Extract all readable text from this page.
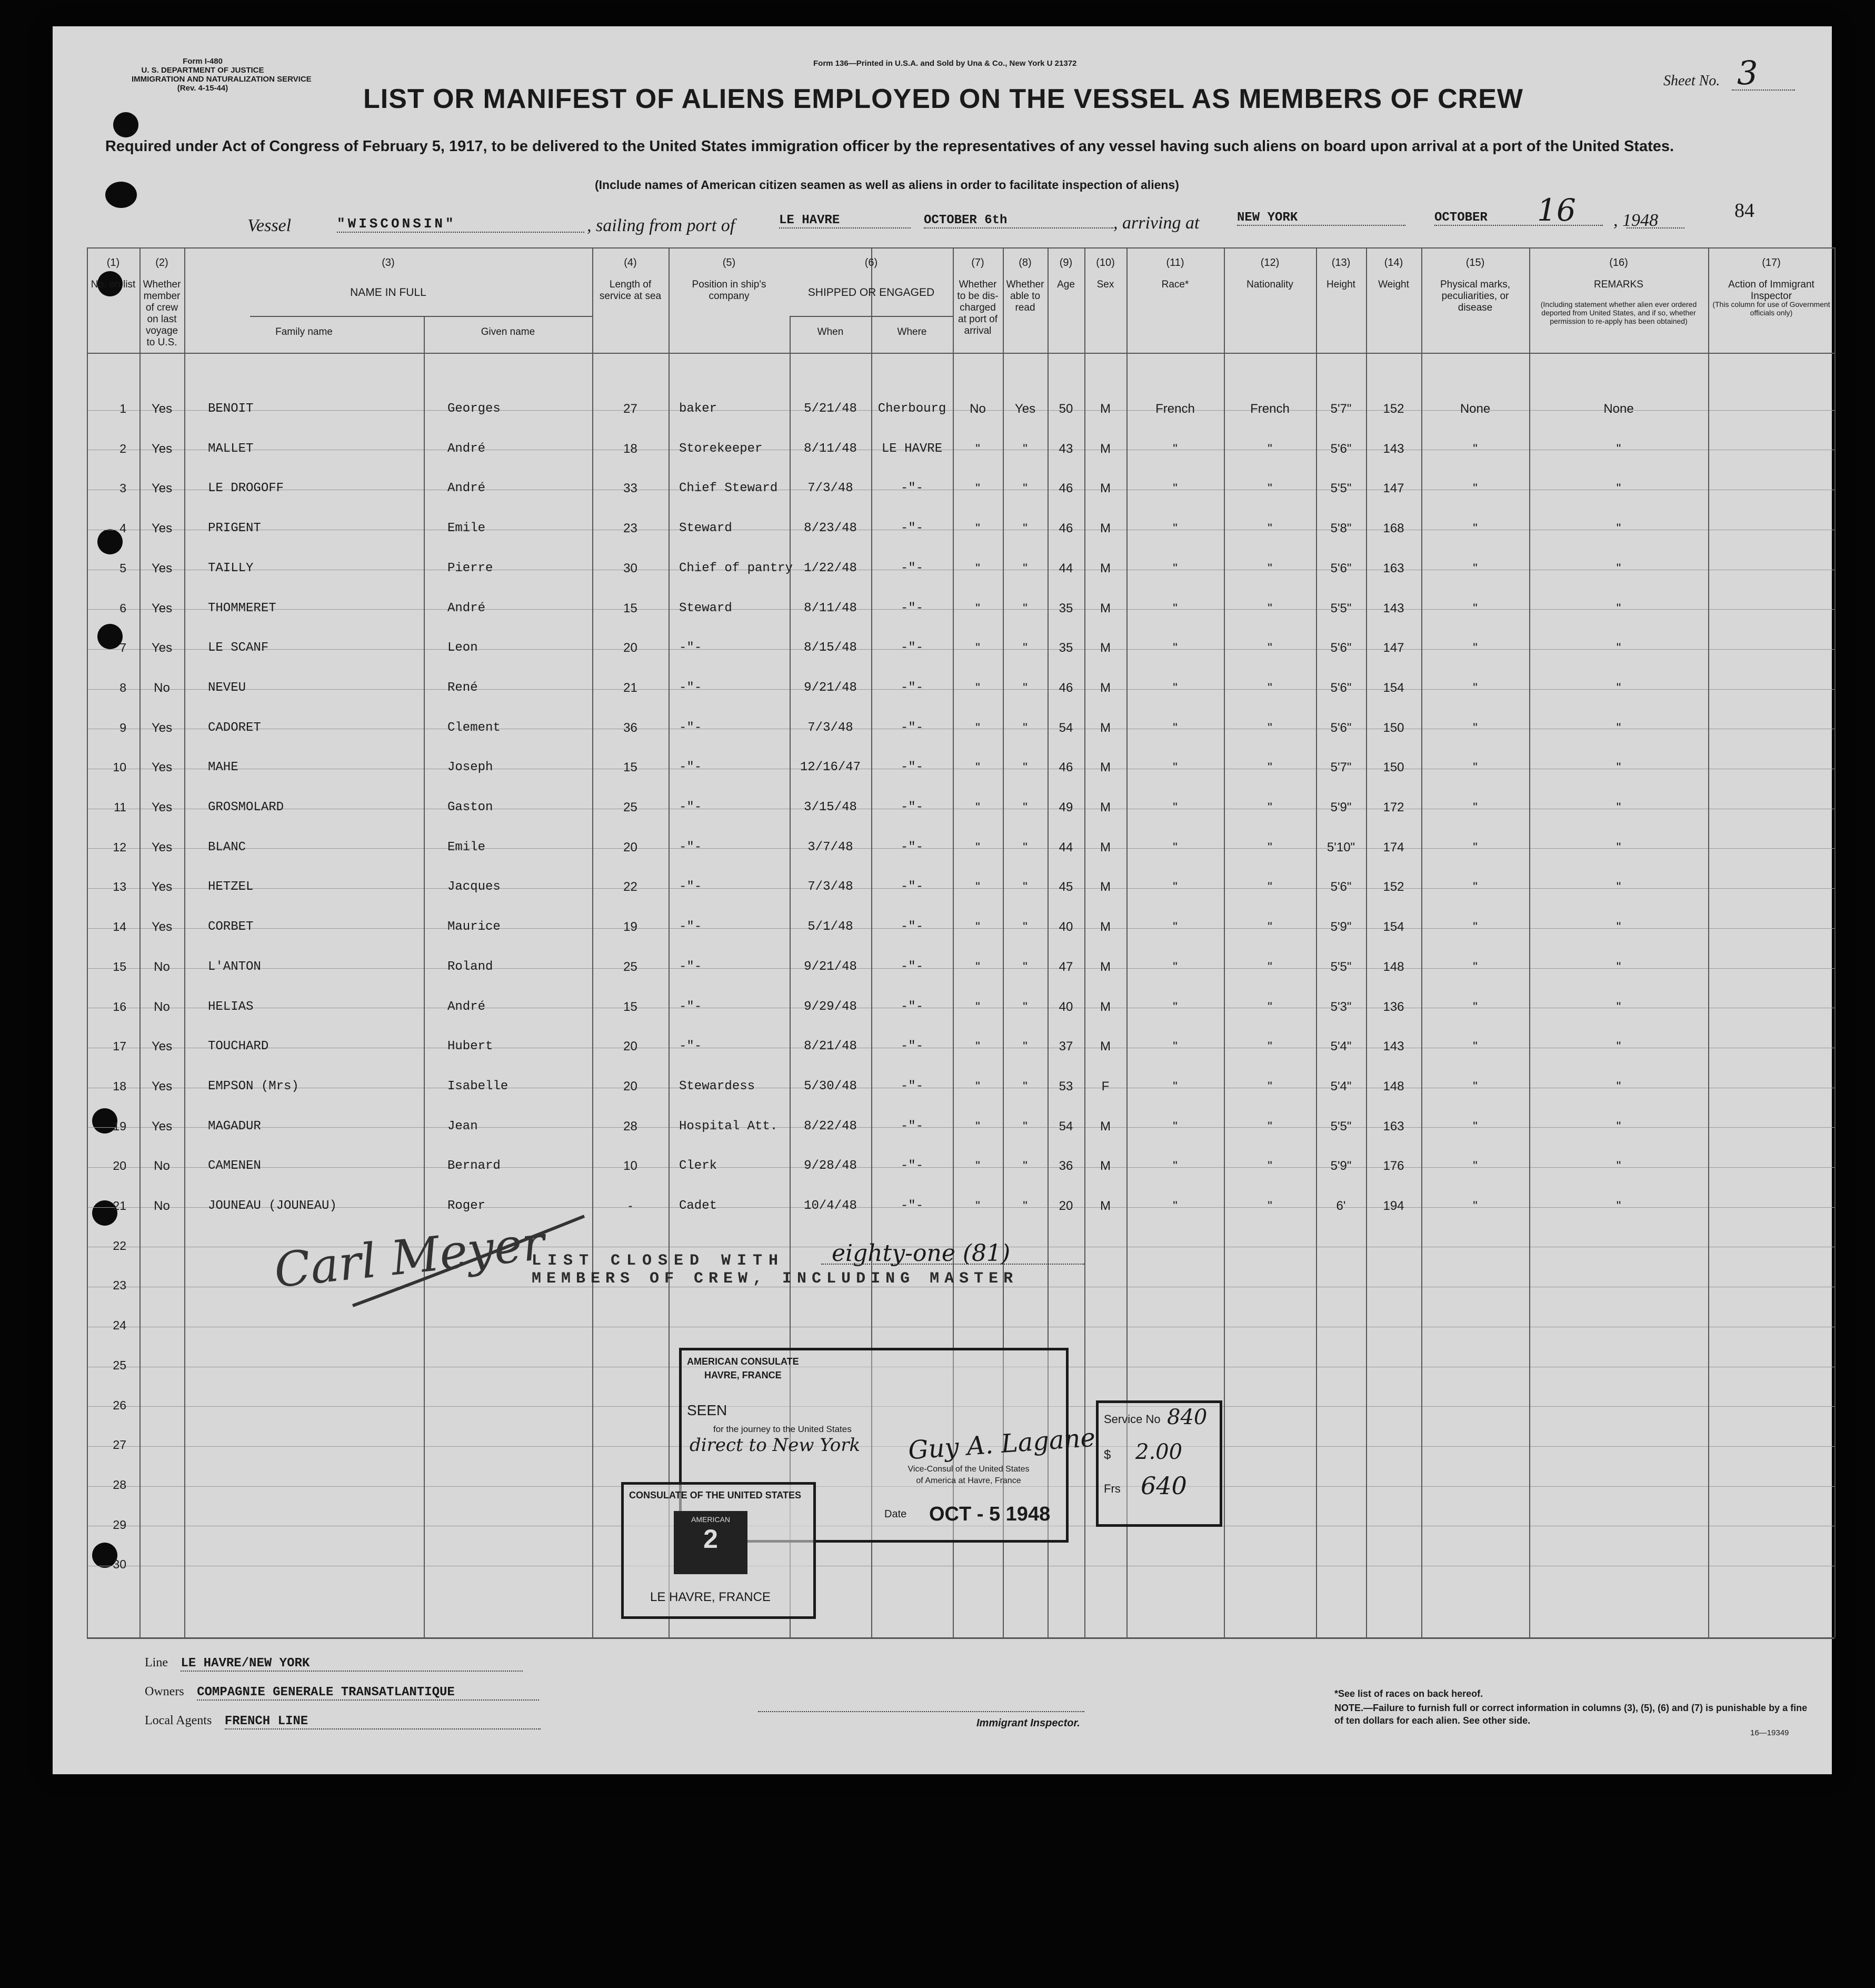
Form I-480
U. S. DEPARTMENT OF JUSTICE
IMMIGRATION AND NATURALIZATION SERVICE
(Rev. 4-15-44)
Form 136—Printed in U.S.A. and Sold by Una & Co., New York U 21372
Sheet No. 3
LIST OR MANIFEST OF ALIENS EMPLOYED ON THE VESSEL AS MEMBERS OF CREW
Required under Act of Congress of February 5, 1917, to be delivered to the United States immigration officer by the representatives of any vessel having such aliens on board upon arrival at a port of the United States.
(Include names of American citizen seamen as well as aliens in order to facilitate inspection of aliens)
Vessel	"WISCONSIN"	, sailing from port of	LE HAVRE	OCTOBER 6th	, arriving at	NEW YORK	OCTOBER	16 , 1948	84
(1)
No. on list
(2)
Whether member of crew on last voyage to U.S.
(3)
NAME IN FULL
Family name	Given name
(4)
Length of service at sea
(5)
Position in ship's company
(6)
SHIPPED OR ENGAGED
When	Where
(7)
Whether to be dis-charged at port of arrival
(8)
Whether able to read
(9)
Age
(10)
Sex
(11)
Race*
(12)
Nationality
(13)
Height
(14)
Weight
(15)
Physical marks, peculiarities, or disease
(16)
REMARKS
(Including statement whether alien ever ordered deported from United States, and if so, whether permission to re-apply has been obtained)
(17)
Action of Immigrant Inspector
(This column for use of Government officials only)
1	Yes	BENOIT	Georges	27	baker	5/21/48	Cherbourg	No	Yes	50	M	French	French	5'7"	152	None	None
2	Yes	MALLET	André	18	Storekeeper	8/11/48	LE HAVRE	"	"	43	M	"	"	5'6"	143	"	"
3	Yes	LE DROGOFF	André	33	Chief Steward	7/3/48	-"-	"	"	46	M	"	"	5'5"	147	"	"
4	Yes	PRIGENT	Emile	23	Steward	8/23/48	-"-	"	"	46	M	"	"	5'8"	168	"	"
5	Yes	TAILLY	Pierre	30	Chief of pantry 1/22/48	-"-	"	"	44	M	"	"	5'6"	163	"	"
6	Yes	THOMMERET	André	15	Steward	8/11/48	-"-	"	"	35	M	"	"	5'5"	143	"	"
7	Yes	LE SCANF	Leon	20	-"-	8/15/48	-"-	"	"	35	M	"	"	5'6"	147	"	"
8	No	NEVEU	René	21	-"-	9/21/48	-"-	"	"	46	M	"	"	5'6"	154	"	"
9	Yes	CADORET	Clement	36	-"-	7/3/48	-"-	"	"	54	M	"	"	5'6"	150	"	"
10	Yes	MAHE	Joseph	15	-"-	12/16/47	-"-	"	"	46	M	"	"	5'7"	150	"	"
11	Yes	GROSMOLARD	Gaston	25	-"-	3/15/48	-"-	"	"	49	M	"	"	5'9"	172	"	"
12	Yes	BLANC	Emile	20	-"-	3/7/48	-"-	"	"	44	M	"	"	5'10"	174	"	"
13	Yes	HETZEL	Jacques	22	-"-	7/3/48	-"-	"	"	45	M	"	"	5'6"	152	"	"
14	Yes	CORBET	Maurice	19	-"-	5/1/48	-"-	"	"	40	M	"	"	5'9"	154	"	"
15	No	L'ANTON	Roland	25	-"-	9/21/48	-"-	"	"	47	M	"	"	5'5"	148	"	"
16	No	HELIAS	André	15	-"-	9/29/48	-"-	"	"	40	M	"	"	5'3"	136	"	"
17	Yes	TOUCHARD	Hubert	20	-"-	8/21/48	-"-	"	"	37	M	"	"	5'4"	143	"	"
18	Yes	EMPSON (Mrs)	Isabelle	20	Stewardess	5/30/48	-"-	"	"	53	F	"	"	5'4"	148	"	"
19	Yes	MAGADUR	Jean	28	Hospital Att.	8/22/48	-"-	"	"	54	M	"	"	5'5"	163	"	"
20	No	CAMENEN	Bernard	10	Clerk	9/28/48	-"-	"	"	36	M	"	"	5'9"	176	"	"
21	No	JOUNEAU (JOUNEAU)	Roger	-	Cadet	10/4/48	-"-	"	"	20	M	"	"	6'	194	"	"
22
23
24
25
26
27
28
29
30
LIST CLOSED WITH eighty-one (81)
MEMBERS OF CREW, INCLUDING MASTER
Carl Meyer
AMERICAN CONSULATE
HAVRE, FRANCE
SEEN
for the journey to the United States
direct to New York Guy A. Lagane
Vice-Consul of the United States of America at Havre, France
Date OCT - 5 1948
Service No 840
$ 2.00
Frs 640
CONSULATE OF THE UNITED STATES
AMERICAN
2
LE HAVRE, FRANCE
Line LE HAVRE/NEW YORK
Owners COMPAGNIE GENERALE TRANSATLANTIQUE
Local Agents FRENCH LINE	Immigrant Inspector.
*See list of races on back hereof.
NOTE.—Failure to furnish full or correct information in columns (3), (5), (6) and (7) is punishable by a fine of ten dollars for each alien. See other side.
16—19349
